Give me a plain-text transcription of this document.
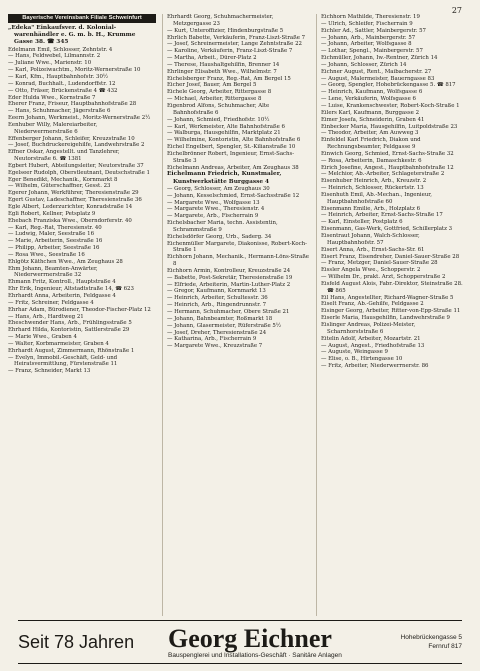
27
Bayerische Vereinsbank Filiale Schweinfurt
„Edeka" Einkaufsver. d. Kolonial-warenhändler e. G. m. b. H., Krumme Gasse 38. ☎ 345
Edelmann Emil, Schlosser, Zehntstr. 4
— Hans, Feldwebel, Lilmannstr. 2
— Juliane Wwe., Marienstr. 10
— Karl, Polizeiwachtm., Moritz-Wernerstraße 10
— Karl, Kfm., Hauptbahnhofstr. 30½
— Konrad, Buchhalt., Ludendorffstr. 12
— Otto, Fräser, Brückenstraße 4 ☎ 432
Eder Hulda Wwe., Kornstraße 7
Eherer Franz, Friseur, Hauptbahnhofstraße 28
— Hans, Schuhmacher, Jägerstraße 6
Eeern Johann, Werkmeist., Moritz-Wernerstraße 2½
Eenhuber Willy, Malereiarbeiter, Niederwerrnerstraße 6
Effenberger Johann, Schleifer, Kreuzstraße 10
— Josef, Buchdruckereigehilfe, Landwehrstraße 2
Effner Oskar, Angestellt. und Tanzlehrer, Neutorstraße 6. ☎ 1381
Egbert Hubert, Abteilungsleiter, Neutorstraße 37
Egelseer Rudolph, Oberstleutnant, Deutschstraße 1
Eger Benedikt, Mechanik., Kornmarkt 8
— Wilhelm, Güterschaffner, Gesst. 23
Egerer Johann, Werkführer, Theresienstraße 29
Egert Gustav, Ladeschaffner, Theresienstraße 36
Egle Albert, Lederzurichter, Konradstraße 14
Egli Robert, Kellner, Petsplatz 9
Ehebach Franziska Wwe., Oberndorferstr. 40
— Karl, Reg.-Rat, Theresienstr. 40
— Ludwig, Maler, Seestraße 16
— Marie, Arbeiterin, Seestraße 16
— Philipp, Arbeiter, Seestraße 16
— Rosa Wwe., Seestraße 16
Ehlgötz Käthchen Wwe., Am Zeughaus 28
Ehm Johann, Beamten-Anwärter, Niederwerrnerstraße 32
Ehmann Fritz, Kontroll., Hauptstraße 4
Ehr Erik, Ingenieur, Altstadtstraße 14, ☎ 623
Ehrhardt Anna, Arbeiterin, Feldgasse 4
— Fritz, Schreiner, Feldgasse 4
Ehrhar Adam, Bürodiener, Theodor-Fischer-Platz 12
— Hans, Arb., Hardtweg 21
Eheschwender Hans, Arb., Frühlingsstraße 5
Ehrhard Hilda, Kontoristin, Sattlerstraße 29
— Marie Wwe., Graben 4
— Walter, Korbmarmeister, Graben 4
Ehrhardt August, Zimmermann, Rhönstraße 1
— Evelyn, Immobil.-Geschäft, Geld- und Heiratsvermittlung, Fürstenstraße 11
— Franz, Schneider, Markt 13
Ehrhardt Georg, Schuhmachermeister, Metzgergasse 23
— Kurt, Unteroffizier, Hindenburgstraße 5
Ehrlich Babette, Verkäuferin, Franz-Liszt-Straße 7
— Josef, Schreinermeister, Lange Zehntstraße 22
— Karoline, Verkäuferin, Franz-Liszt-Straße 7
— Martha, Arbeit., Dürer-Platz 2
— Therese, Haushaltgehilfin, Brenner 14
Ehrlinger Elisabeth Wwe., Wilhelmstr. 7
Eichelsberger Franz, Reg.-Rat, Am Bergel 15
Eicher Josef, Bauer, Am Bergel 5
Eichele Georg, Arbeiter, Rittergasse 8
— Michael, Arbeiter, Rittergasse 8
Eigenbrod Alfons, Schuhmacher, Alte Bahnhofstraße 6
— Johann, Schmied, Friedhofstr. 10½
— Karl, Werkmeister, Alte Bahnhofstraße 6
— Walburga, Hausgehilfin, Marktplatz 21
— Wilhelmine, Kontoristin, Alte Bahnhofstraße 6
Eichel Engelbert, Spengler, St.-Kilianstraße 10
Eichelbrönner Robert, Ingenieur, Ernst-Sachs-Straße 3
Eichelmann Andreas, Arbeiter, Am Zeughaus 38
Eichelmann Friedrich, Kunstmaler, Kunstwerkstätte Burggasse 4
— Georg, Schlosser, Am Zeughaus 30
— Johann, Kesselschmied, Ernst-Sachsstraße 12
— Margarete Wwe., Wolfgasse 13
— Margarete Wwe., Theresienstr. 4
— Margarete, Arb., Fischerrain 9
Eichelsbacher Maria, techn. Assistentin, Schrammstraße 9
Eichelsdörfer Georg, Urb., Saderg. 34
Eichenmüller Margarete, Diakonisse, Robert-Koch-Straße 1
Eichhorn Johann, Mechanik., Hermann-Löns-Straße 8
Eichhorn Armin, Kontrolleur, Kreuzstraße 24
— Babette, Post-Sekretär, Theresienstraße 19
— Elfriede, Arbeiterin, Martin-Luther-Platz 2
— Gregor, Kaufmann, Kornmarkt 13
— Heinrich, Arbeiter, Schultesstr. 36
— Heinrich, Arb., Ringendrunnstr. 7
— Hermann, Schuhmacher, Obere Straße 21
— Johann, Bahnbeamter, Roßmarkt 18
— Johann, Glasermeister, Rüferstraße 5½
— Josef, Dreher, Theresienstraße 24
— Katharina, Arb., Fischerrain 9
— Margarete Wwe., Kreuzstraße 7
Eichhorn Mathilde, Theresienstr. 19
— Ulrich, Schleifer, Fischerrain 9
Eichler Ad., Sattler, Mainbergerstr. 57
— Johann, Arb., Mainbergerstr. 57
— Johann, Arbeiter, Wolfsgasse 8
— Lothar, Spengl., Mainbergerstr. 57
Eichmüller, Johann, Iw.-Rentner, Zürich 14
— Johann, Schlosser, Zürich 14
Eichner August, Rent., Maibacherstr. 27
— August, Malermeister, Bauerngasse 83
— Georg, Spengler, Hohebrückengasse 5. ☎ 817
— Heinrich, Kaufmann, Wolfsgasse 6
— Lene, Verkäuferin, Wolfsgasse 6
— Luise, Krankenschwester, Robert-Koch-Straße 1
Eilers Karl, Kaufmann, Burggasse 2
Eimer Josefa, Schneiderin, Graben 41
Einbecker Maria, Hausgehilfin, Luitpoldstraße 23
— Theodor, Arbeiter, Am Auwweg 3
Einfeldel Karl Friedrich, Diakon und Rechnungsbeamter, Feldgasse 9
Einwich Georg, Schmied, Ernst-Sachs-Straße 32
— Rosa, Arbeiterin, Damaschkestr. 6
Eirich Josefine, Angest., Hauptbahnhofstraße 12
— Melchior, Ab.-Arbeiter, Schlageterstraße 2
Eisenhuber Heinrich, Arb., Kreuzstr. 2
— Heinrich, Schlosser, Rückertstr. 13
Eisenhuth Emil, Ab.-Mechan., Ingenieur, Hauptbahnhofstraße 60
Eisenmann Emilie, Arb., Holzplatz 6
— Heinrich, Arbeiter, Ernst-Sachs-Straße 17
— Karl, Einsteller, Postplatz 6
Eisenmann, Gas-Werk, Gottfried, Schillerplatz 3
Eisentraut Johann, Walch-Schlosser, Hauptbahnhofstr. 57
Eisert Anna, Arb., Ernst-Sachs-Str. 61
Eisert Franz, Eisendreher, Daniel-Sauer-Straße 28
— Franz, Metzger, Daniel-Sauer-Straße 28
Eissler Angela Wwe., Schopperstr. 2
— Wilhelm Dr., prakt. Arzt, Schopperstraße 2
Eisfeld August Alois, Fabr.-Direktor, Steinstraße 28. ☎ 865
Eil Hans, Angestellter, Richard-Wagner-Straße 5
Eiselt Franz, Ab.-Gehilfe, Feldgasse 2
Eisinger Georg, Arbeiter, Ritter-von-Epp-Straße 11
Eiserle Maria, Hausgehilfin, Landwehrstraße 9
Eislinger Andreas, Polizei-Meister, Scharnhorststraße 6
Eitelin Adolf, Arbeiter, Mozartstr. 21
— August, Angest., Friedhofstraße 13
— Auguste, Weingasse 9
— Elise, o. B., Hirtengasse 10
— Fritz, Arbeiter, Niederwerrnerstr. 86
Seit 78 Jahren	Georg Eichner
Bauspenglerei und Installations-Geschäft · Sanitäre Anlagen
Hohebrückengasse 5
Fernruf 817
